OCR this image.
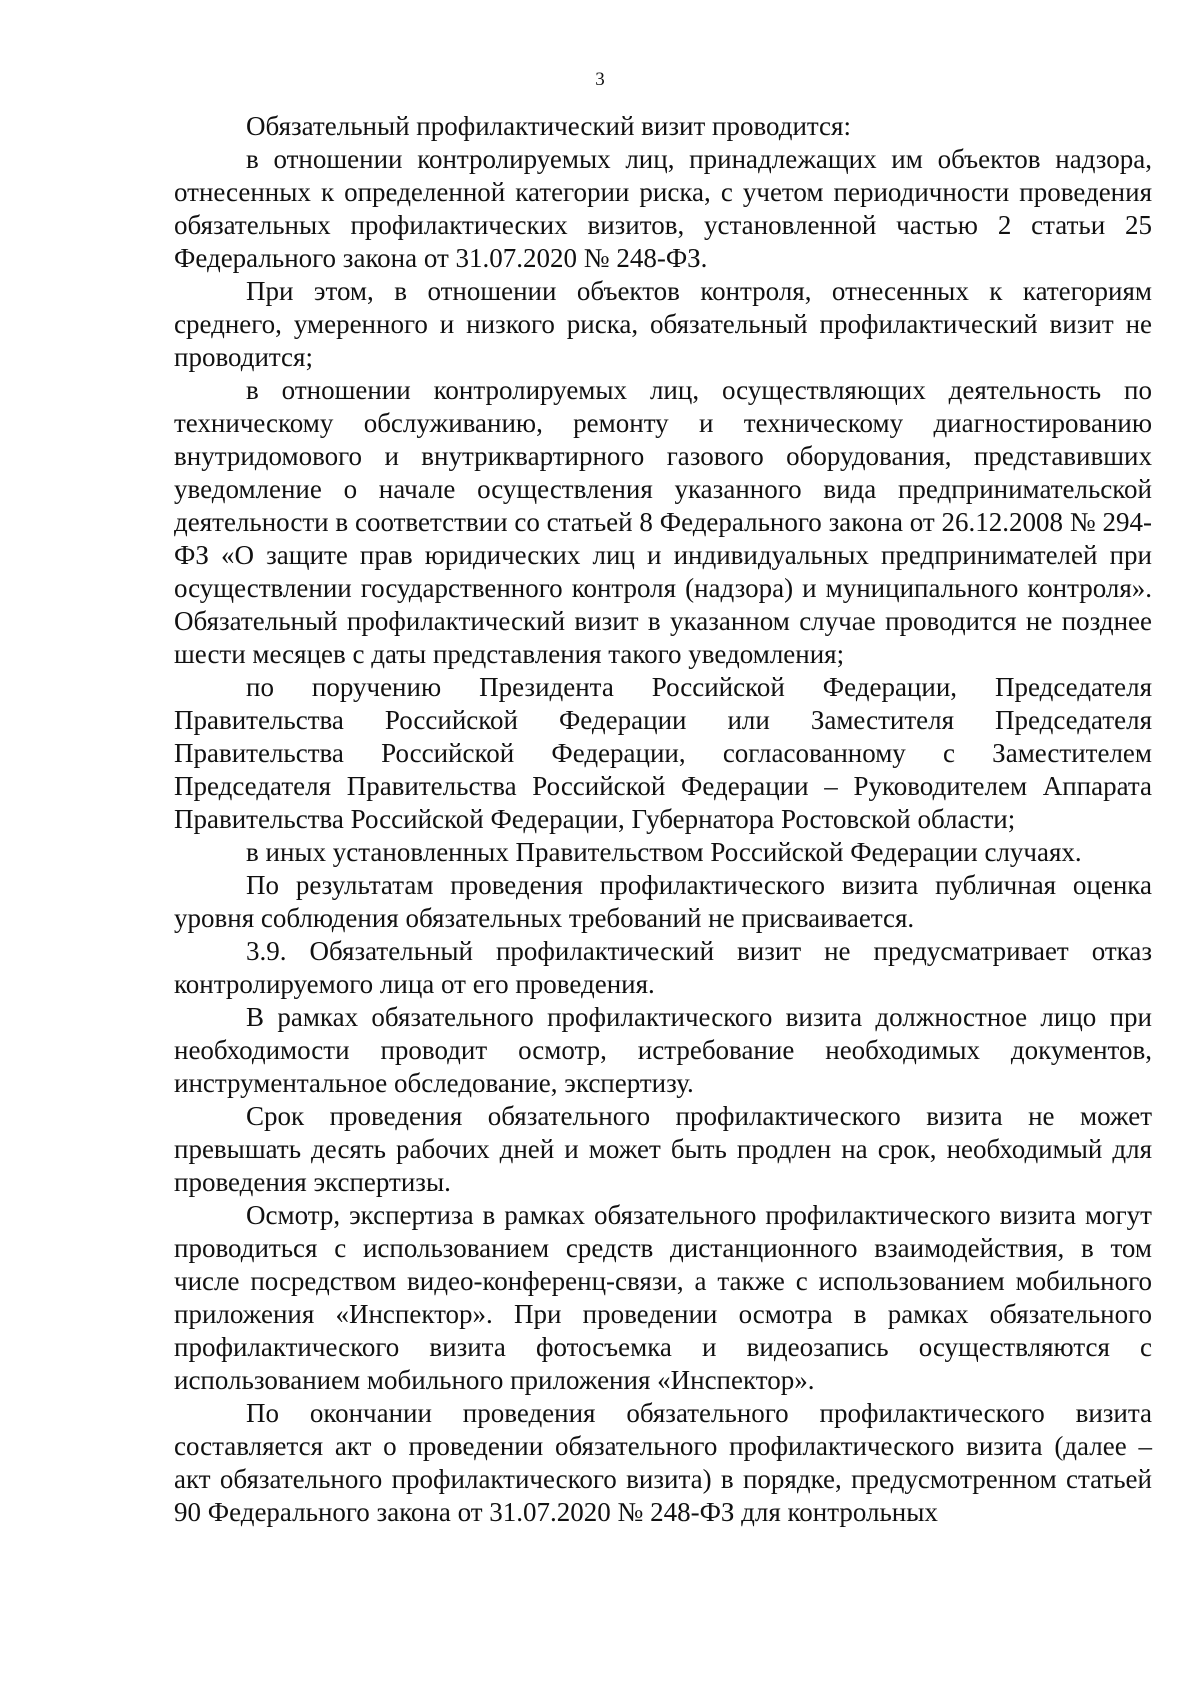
3

Обязательный профилактический визит проводится:

в отношении контролируемых лиц, принадлежащих им объектов надзора, отнесенных к определенной категории риска, с учетом периодичности проведения обязательных профилактических визитов, установленной частью 2 статьи 25 Федерального закона от 31.07.2020 № 248-ФЗ.

При этом, в отношении объектов контроля, отнесенных к категориям среднего, умеренного и низкого риска, обязательный профилактический визит не проводится;

в отношении контролируемых лиц, осуществляющих деятельность по техническому обслуживанию, ремонту и техническому диагностированию внутридомового и внутриквартирного газового оборудования, представивших уведомление о начале осуществления указанного вида предпринимательской деятельности в соответствии со статьей 8 Федерального закона от 26.12.2008 № 294-ФЗ «О защите прав юридических лиц и индивидуальных предпринимателей при осуществлении государственного контроля (надзора) и муниципального контроля». Обязательный профилактический визит в указанном случае проводится не позднее шести месяцев с даты представления такого уведомления;

по поручению Президента Российской Федерации, Председателя Правительства Российской Федерации или Заместителя Председателя Правительства Российской Федерации, согласованному с Заместителем Председателя Правительства Российской Федерации – Руководителем Аппарата Правительства Российской Федерации, Губернатора Ростовской области;

в иных установленных Правительством Российской Федерации случаях.

По результатам проведения профилактического визита публичная оценка уровня соблюдения обязательных требований не присваивается.

3.9. Обязательный профилактический визит не предусматривает отказ контролируемого лица от его проведения.

В рамках обязательного профилактического визита должностное лицо при необходимости проводит осмотр, истребование необходимых документов, инструментальное обследование, экспертизу.

Срок проведения обязательного профилактического визита не может превышать десять рабочих дней и может быть продлен на срок, необходимый для проведения экспертизы.

Осмотр, экспертиза в рамках обязательного профилактического визита могут проводиться с использованием средств дистанционного взаимодействия, в том числе посредством видео-конференц-связи, а также с использованием мобильного приложения «Инспектор». При проведении осмотра в рамках обязательного профилактического визита фотосъемка и видеозапись осуществляются с использованием мобильного приложения «Инспектор».

По окончании проведения обязательного профилактического визита составляется акт о проведении обязательного профилактического визита (далее – акт обязательного профилактического визита) в порядке, предусмотренном статьей 90 Федерального закона от 31.07.2020 № 248-ФЗ для контрольных
